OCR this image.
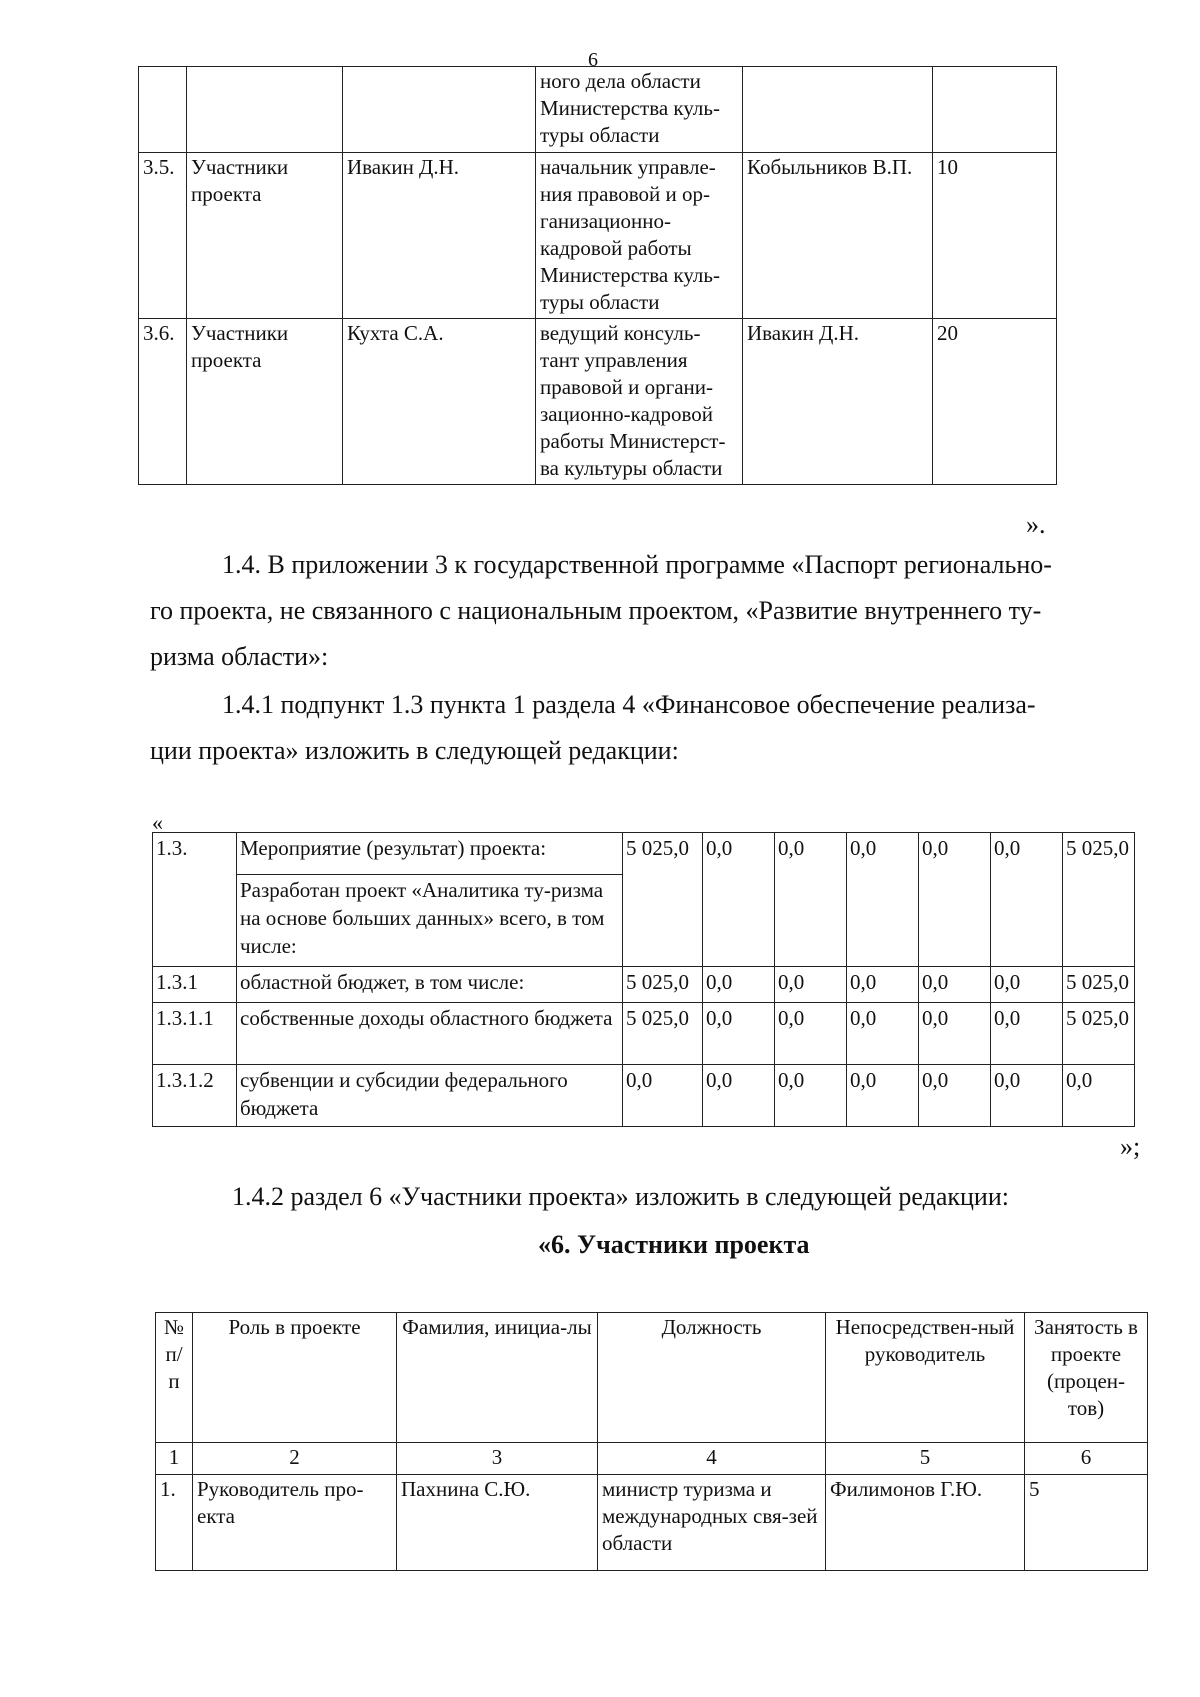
6
			ного дела области Министерства куль-туры области		
3.5.	Участники проекта	Ивакин Д.Н.	начальник управле-ния правовой и ор-ганизационно-кадровой работы Министерства куль-туры области	Кобыльников В.П.	10
3.6.	Участники проекта	Кухта С.А.	ведущий консуль-тант управления правовой и органи-зационно-кадровой работы Министерст-ва культуры области	Ивакин Д.Н.	20
».
1.4. В приложении 3 к государственной программе «Паспорт регионально-
го проекта, не связанного с национальным проектом, «Развитие внутреннего ту-
ризма области»:
1.4.1 подпункт 1.3 пункта 1 раздела 4 «Финансовое обеспечение реализа-
ции проекта» изложить в следующей редакции:
«
1.3.	Мероприятие (результат) проекта:	5 025,0	0,0	0,0	0,0	0,0	0,0	5 025,0
	Разработан проект «Аналитика ту-ризма на основе больших данных» всего, в том числе:							
1.3.1	областной бюджет, в том числе:	5 025,0	0,0	0,0	0,0	0,0	0,0	5 025,0
1.3.1.1	собственные доходы областного бюджета	5 025,0	0,0	0,0	0,0	0,0	0,0	5 025,0
1.3.1.2	субвенции и субсидии федерального бюджета	0,0	0,0	0,0	0,0	0,0	0,0	0,0
»;
1.4.2 раздел 6 «Участники проекта» изложить в следующей редакции:
«6. Участники проекта
№ п/п	Роль в проекте	Фамилия, инициа-лы	Должность	Непосредствен-ный руководитель	Занятость в проекте (процен-тов)
1	2	3	4	5	6
1.	Руководитель про-екта	Пахнина С.Ю.	министр туризма и международных свя-зей области	Филимонов Г.Ю.	5
